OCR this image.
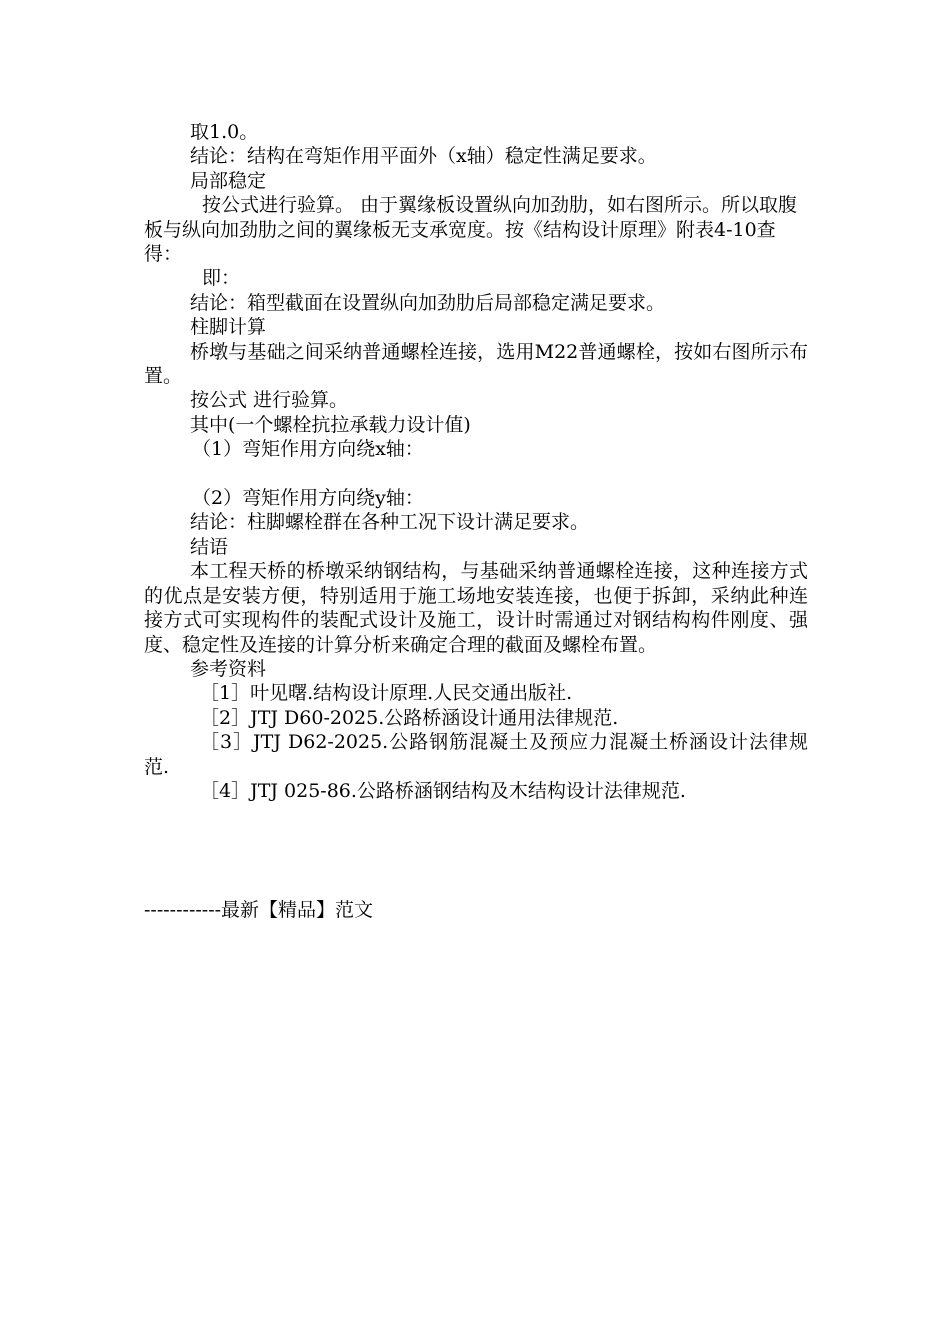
取1.0。
结论：结构在弯矩作用平面外（x轴）稳定性满足要求。
局部稳定
按公式进行验算。 由于翼缘板设置纵向加劲肋，如右图所示。所以取腹板与纵向加劲肋之间的翼缘板无支承宽度。按《结构设计原理》附表4-10查得：
即：
结论：箱型截面在设置纵向加劲肋后局部稳定满足要求。
柱脚计算
桥墩与基础之间采纳普通螺栓连接，选用M22普通螺栓，按如右图所示布置。
按公式 进行验算。
其中(一个螺栓抗拉承载力设计值)
（1）弯矩作用方向绕x轴：
（2）弯矩作用方向绕y轴：
结论：柱脚螺栓群在各种工况下设计满足要求。
结语
本工程天桥的桥墩采纳钢结构，与基础采纳普通螺栓连接，这种连接方式的优点是安装方便，特别适用于施工场地安装连接，也便于拆卸，采纳此种连接方式可实现构件的装配式设计及施工，设计时需通过对钢结构构件刚度、强度、稳定性及连接的计算分析来确定合理的截面及螺栓布置。
参考资料
［1］叶见曙.结构设计原理.人民交通出版社.
［2］JTJ D60-2025.公路桥涵设计通用法律规范.
［3］JTJ D62-2025.公路钢筋混凝土及预应力混凝土桥涵设计法律规范.
［4］JTJ 025-86.公路桥涵钢结构及木结构设计法律规范.
------------最新【精品】范文
